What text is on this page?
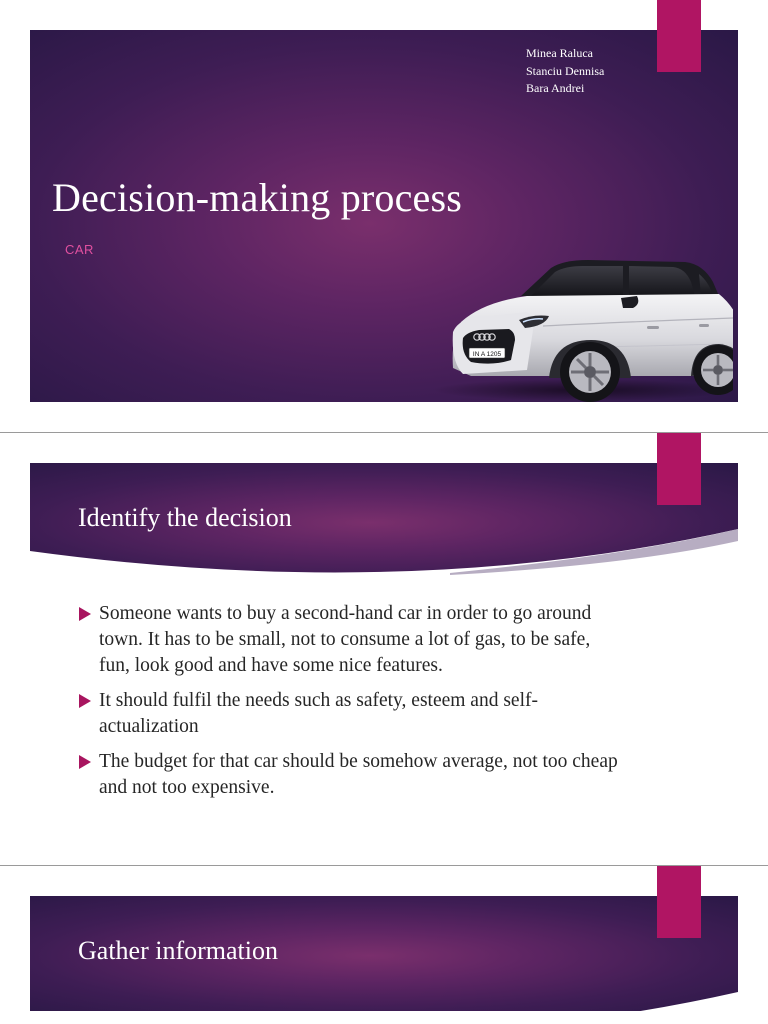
Decision-making process
CAR
Minea Raluca
Stanciu Dennisa
Bara Andrei
IN A 1205
Identify the decision
Someone wants to buy a second-hand car in order to go around town. It has to be small, not to consume a lot of gas, to be safe, fun, look good and have some nice features.
It should fulfil the needs such as safety, esteem and self-actualization
The budget for that car should be somehow average, not too cheap and not too expensive.
Gather information
